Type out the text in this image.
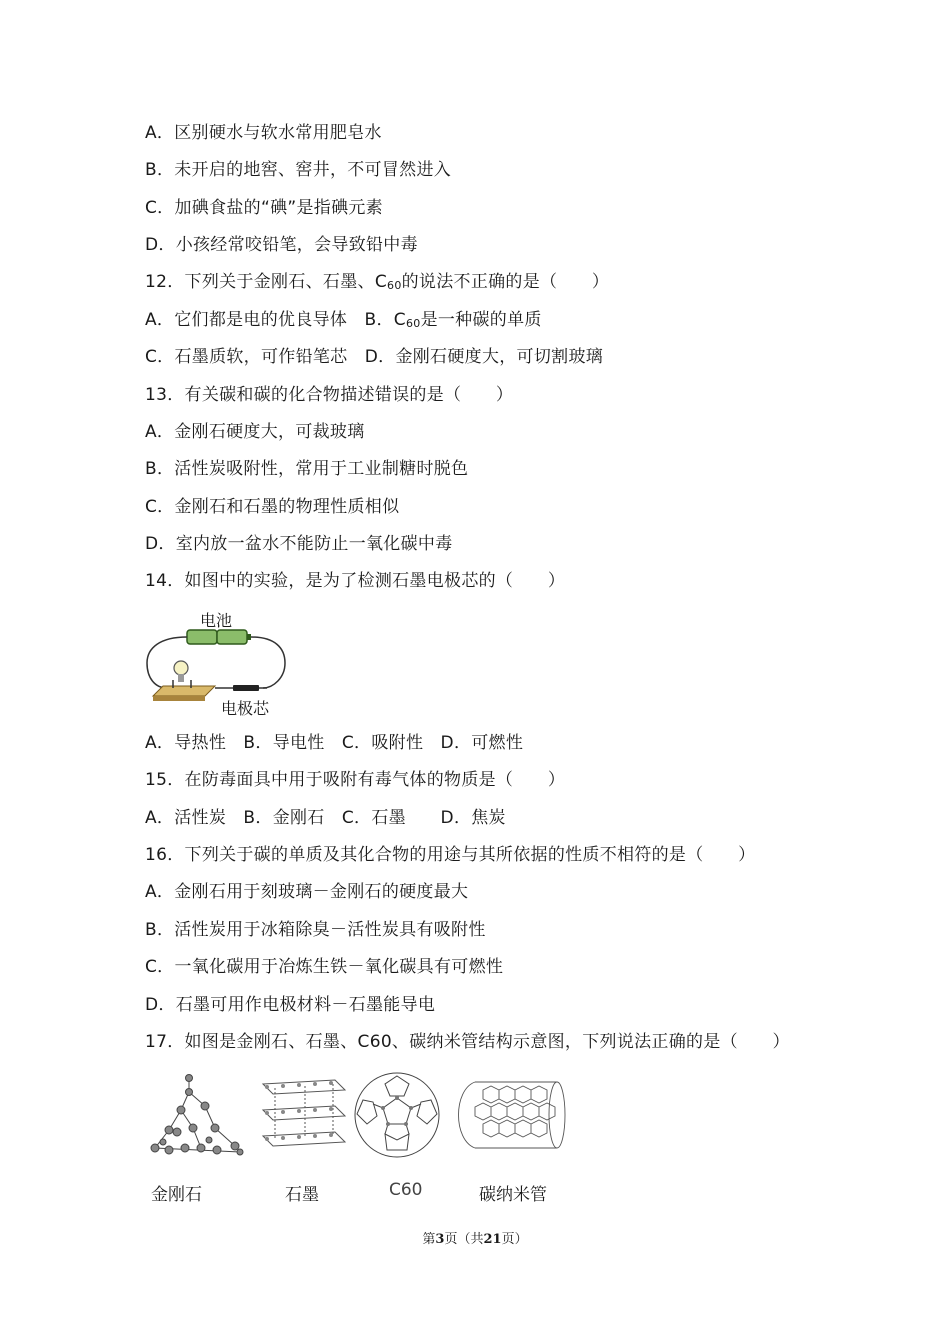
A．区别硬水与软水常用肥皂水
B．未开启的地窖、窖井，不可冒然进入
C．加碘食盐的“碘”是指碘元素
D．小孩经常咬铅笔，会导致铅中毒
12．下列关于金刚石、石墨、$C_{60}$的说法不正确的是（　　）
A．它们都是电的优良导体　B．$C_{60}$是一种碳的单质
C．石墨质软，可作铅笔芯　D．金刚石硬度大，可切割玻璃
13．有关碳和碳的化合物描述错误的是（　　）
A．金刚石硬度大，可裁玻璃
B．活性炭吸附性，常用于工业制糖时脱色
C．金刚石和石墨的物理性质相似
D．室内放一盆水不能防止一氧化碳中毒
14．如图中的实验，是为了检测石墨电极芯的（　　）
电池
电极芯
A．导热性　B．导电性　C．吸附性　D．可燃性
15．在防毒面具中用于吸附有毒气体的物质是（　　）
A．活性炭　B．金刚石　C．石墨　　D．焦炭
16．下列关于碳的单质及其化合物的用途与其所依据的性质不相符的是（　　）
A．金刚石用于刻玻璃－金刚石的硬度最大
B．活性炭用于冰箱除臭－活性炭具有吸附性
C．一氧化碳用于冶炼生铁－氧化碳具有可燃性
D．石墨可用作电极材料－石墨能导电
17．如图是金刚石、石墨、C60、碳纳米管结构示意图，下列说法正确的是（　　）
金刚石	石墨	C60	碳纳米管
第3页（共21页）
